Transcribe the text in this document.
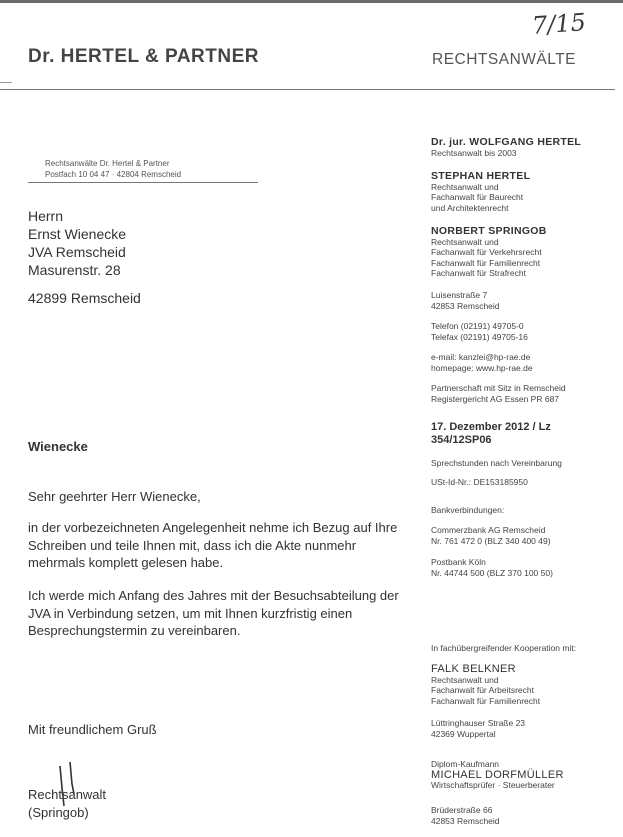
Dr. HERTEL & PARTNER	RECHTSANWÄLTE
7/15
Rechtsanwälte Dr. Hertel & Partner
Postfach 10 04 47 · 42804 Remscheid
Herrn
Ernst Wienecke
JVA Remscheid
Masurenstr. 28
42899 Remscheid
Dr. jur. WOLFGANG HERTEL
Rechtsanwalt bis 2003
STEPHAN HERTEL
Rechtsanwalt und
Fachanwalt für Baurecht
und Architektenrecht
NORBERT SPRINGOB
Rechtsanwalt und
Fachanwalt für Verkehrsrecht
Fachanwalt für Familienrecht
Fachanwalt für Strafrecht
Luisenstraße 7
42853 Remscheid
Telefon (02191) 49705-0
Telefax (02191) 49705-16
e-mail: kanzlei@hp-rae.de
homepage: www.hp-rae.de
Partnerschaft mit Sitz in Remscheid
Registergericht AG Essen PR 687
17. Dezember 2012 / Lz
354/12SP06
Sprechstunden nach Vereinbarung
USt-Id-Nr.: DE153185950
Bankverbindungen:
Commerzbank AG Remscheid
Nr. 761 472 0 (BLZ 340 400 49)
Postbank Köln
Nr. 44744 500 (BLZ 370 100 50)
In fachübergreifender Kooperation mit:
FALK BELKNER
Rechtsanwalt und
Fachanwalt für Arbeitsrecht
Fachanwalt für Familienrecht
Lüttringhauser Straße 23
42369 Wuppertal
Diplom-Kaufmann
MICHAEL DORFMÜLLER
Wirtschaftsprüfer · Steuerberater
Brüderstraße 66
42853 Remscheid
Wienecke
Sehr geehrter Herr Wienecke,
in der vorbezeichneten Angelegenheit nehme ich Bezug auf Ihre Schreiben und teile Ihnen mit, dass ich die Akte nunmehr mehrmals komplett gelesen habe.
Ich werde mich Anfang des Jahres mit der Besuchsabteilung der JVA in Verbindung setzen, um mit Ihnen kurzfristig einen Besprechungstermin zu vereinbaren.
Mit freundlichem Gruß
Rechtsanwalt
(Springob)
